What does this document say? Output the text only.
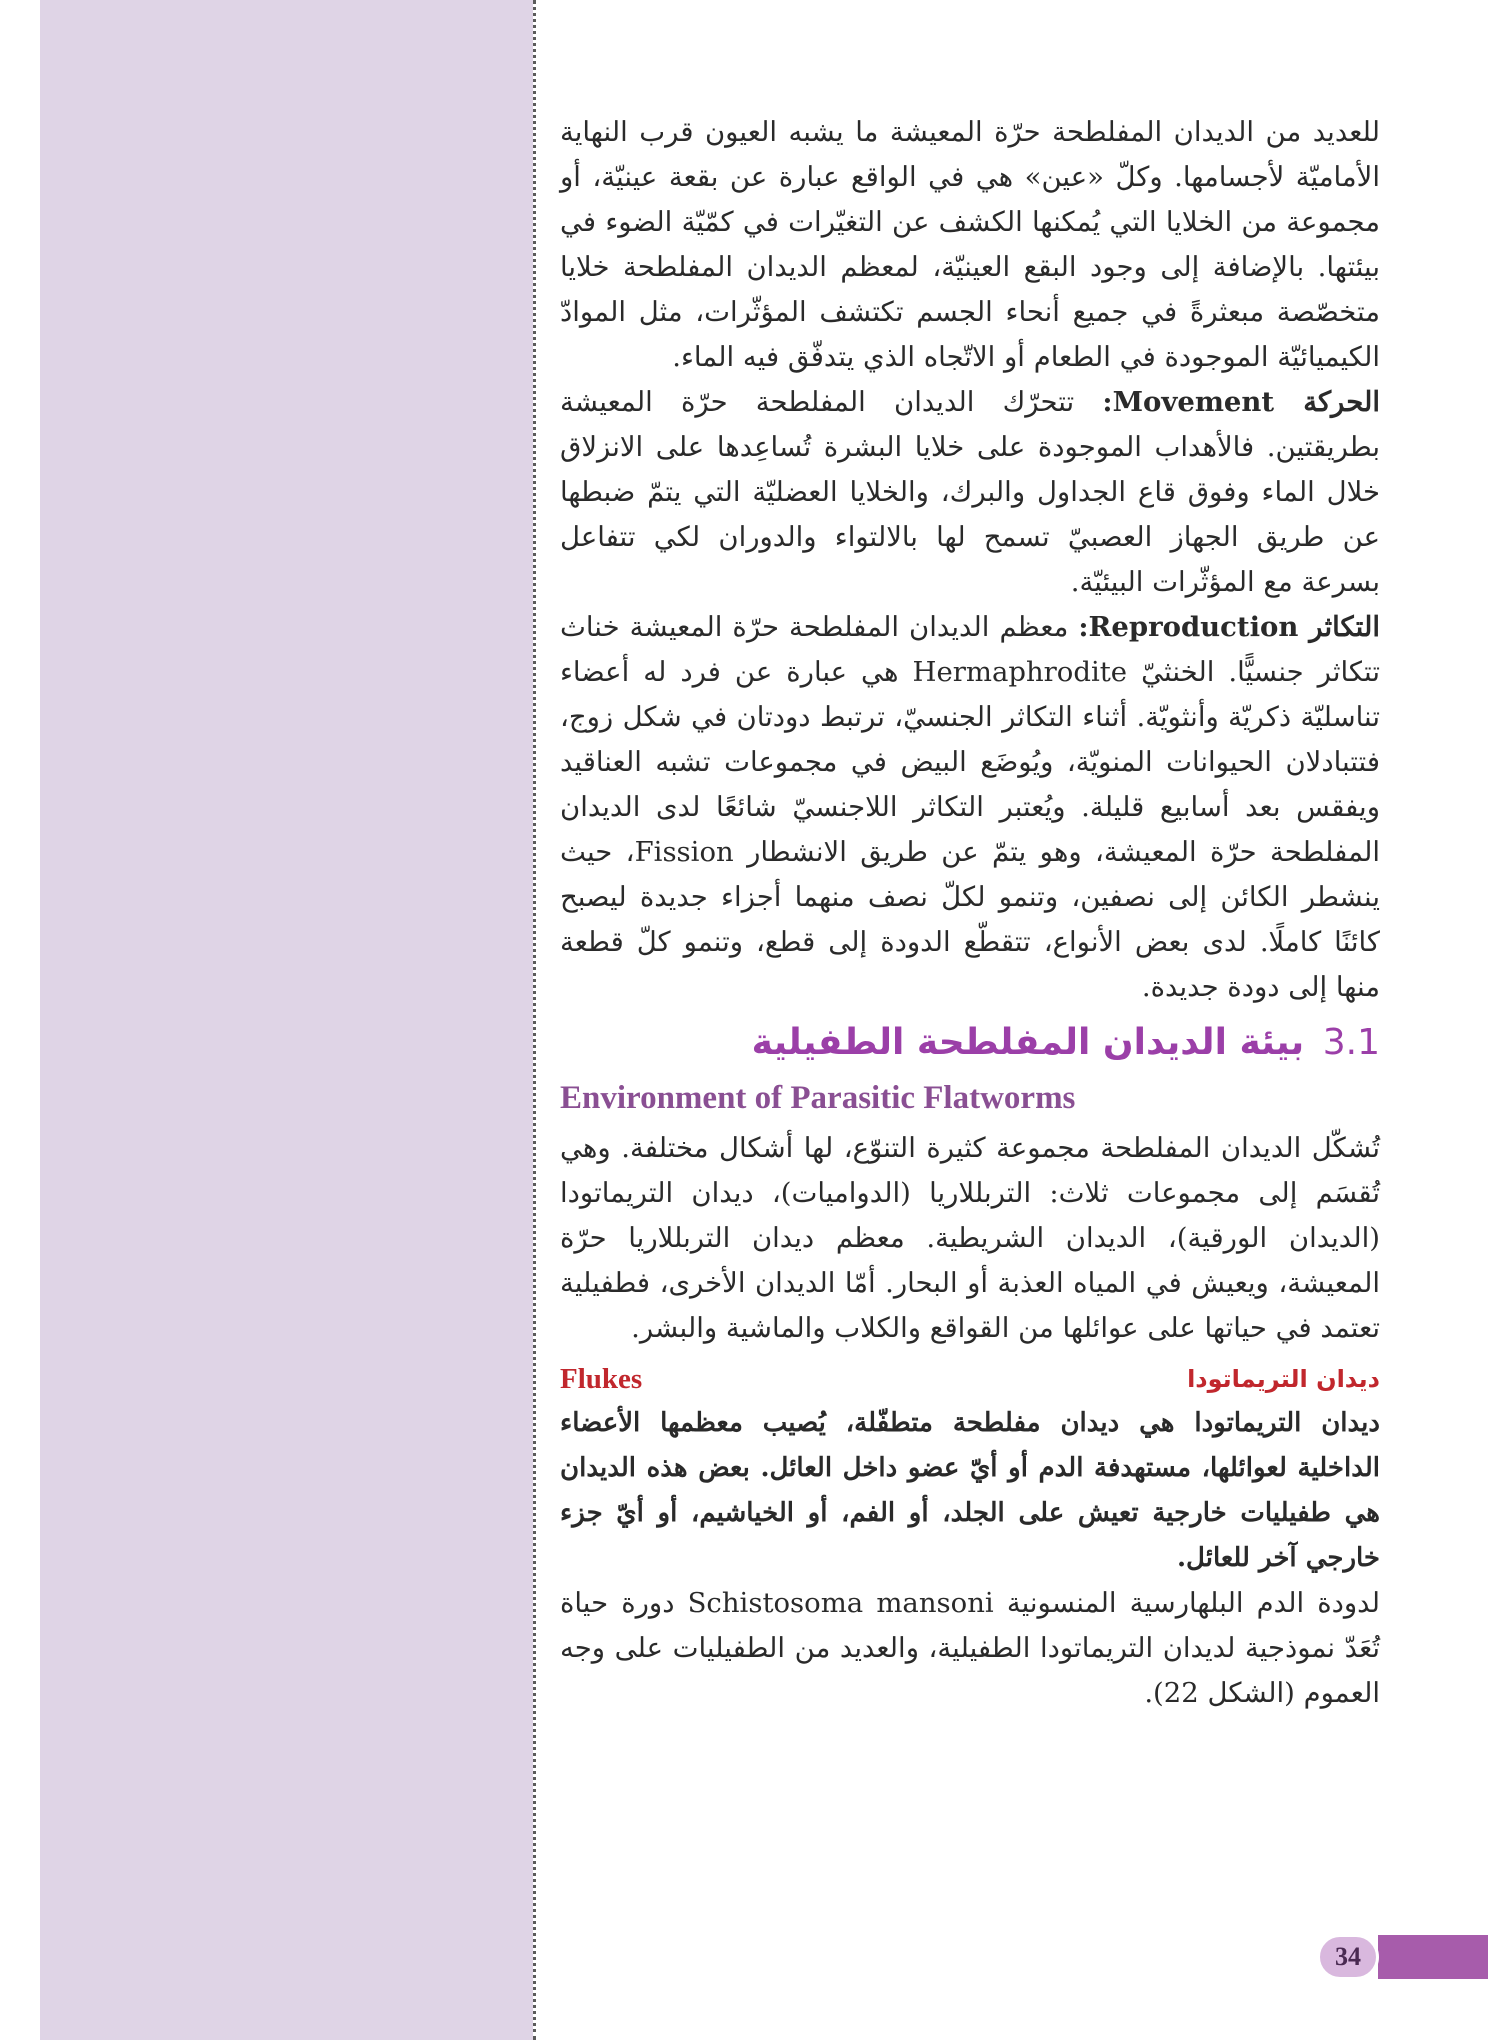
للعديد من الديدان المفلطحة حرّة المعيشة ما يشبه العيون قرب النهاية الأماميّة لأجسامها. وكلّ «عين» هي في الواقع عبارة عن بقعة عينيّة، أو مجموعة من الخلايا التي يُمكنها الكشف عن التغيّرات في كمّيّة الضوء في بيئتها. بالإضافة إلى وجود البقع العينيّة، لمعظم الديدان المفلطحة خلايا متخصّصة مبعثرةً في جميع أنحاء الجسم تكتشف المؤثّرات، مثل الموادّ الكيميائيّة الموجودة في الطعام أو الاتّجاه الذي يتدفّق فيه الماء.

الحركة Movement: تتحرّك الديدان المفلطحة حرّة المعيشة بطريقتين. فالأهداب الموجودة على خلايا البشرة تُساعِدها على الانزلاق خلال الماء وفوق قاع الجداول والبرك، والخلايا العضليّة التي يتمّ ضبطها عن طريق الجهاز العصبيّ تسمح لها بالالتواء والدوران لكي تتفاعل بسرعة مع المؤثّرات البيئيّة.

التكاثر Reproduction: معظم الديدان المفلطحة حرّة المعيشة خناث تتكاثر جنسيًّا. الخنثيّ Hermaphrodite هي عبارة عن فرد له أعضاء تناسليّة ذكريّة وأنثويّة. أثناء التكاثر الجنسيّ، ترتبط دودتان في شكل زوج، فتتبادلان الحيوانات المنويّة، ويُوضَع البيض في مجموعات تشبه العناقيد ويفقس بعد أسابيع قليلة. ويُعتبر التكاثر اللاجنسيّ شائعًا لدى الديدان المفلطحة حرّة المعيشة، وهو يتمّ عن طريق الانشطار Fission، حيث ينشطر الكائن إلى نصفين، وتنمو لكلّ نصف منهما أجزاء جديدة ليصبح كائنًا كاملًا. لدى بعض الأنواع، تتقطّع الدودة إلى قطع، وتنمو كلّ قطعة منها إلى دودة جديدة.

3.1 بيئة الديدان المفلطحة الطفيلية
Environment of Parasitic Flatworms

تُشكّل الديدان المفلطحة مجموعة كثيرة التنوّع، لها أشكال مختلفة. وهي تُقسَم إلى مجموعات ثلاث: التربللاريا (الدواميات)، ديدان التريماتودا (الديدان الورقية)، الديدان الشريطية. معظم ديدان التربللاريا حرّة المعيشة، ويعيش في المياه العذبة أو البحار. أمّا الديدان الأخرى، فطفيلية تعتمد في حياتها على عوائلها من القواقع والكلاب والماشية والبشر.

ديدان التريماتودا
Flukes

ديدان التريماتودا هي ديدان مفلطحة متطفّلة، يُصيب معظمها الأعضاء الداخلية لعوائلها، مستهدفة الدم أو أيّ عضو داخل العائل. بعض هذه الديدان هي طفيليات خارجية تعيش على الجلد، أو الفم، أو الخياشيم، أو أيّ جزء خارجي آخر للعائل.

لدودة الدم البلهارسية المنسونية Schistosoma mansoni دورة حياة تُعَدّ نموذجية لديدان التريماتودا الطفيلية، والعديد من الطفيليات على وجه العموم (الشكل 22).

34
